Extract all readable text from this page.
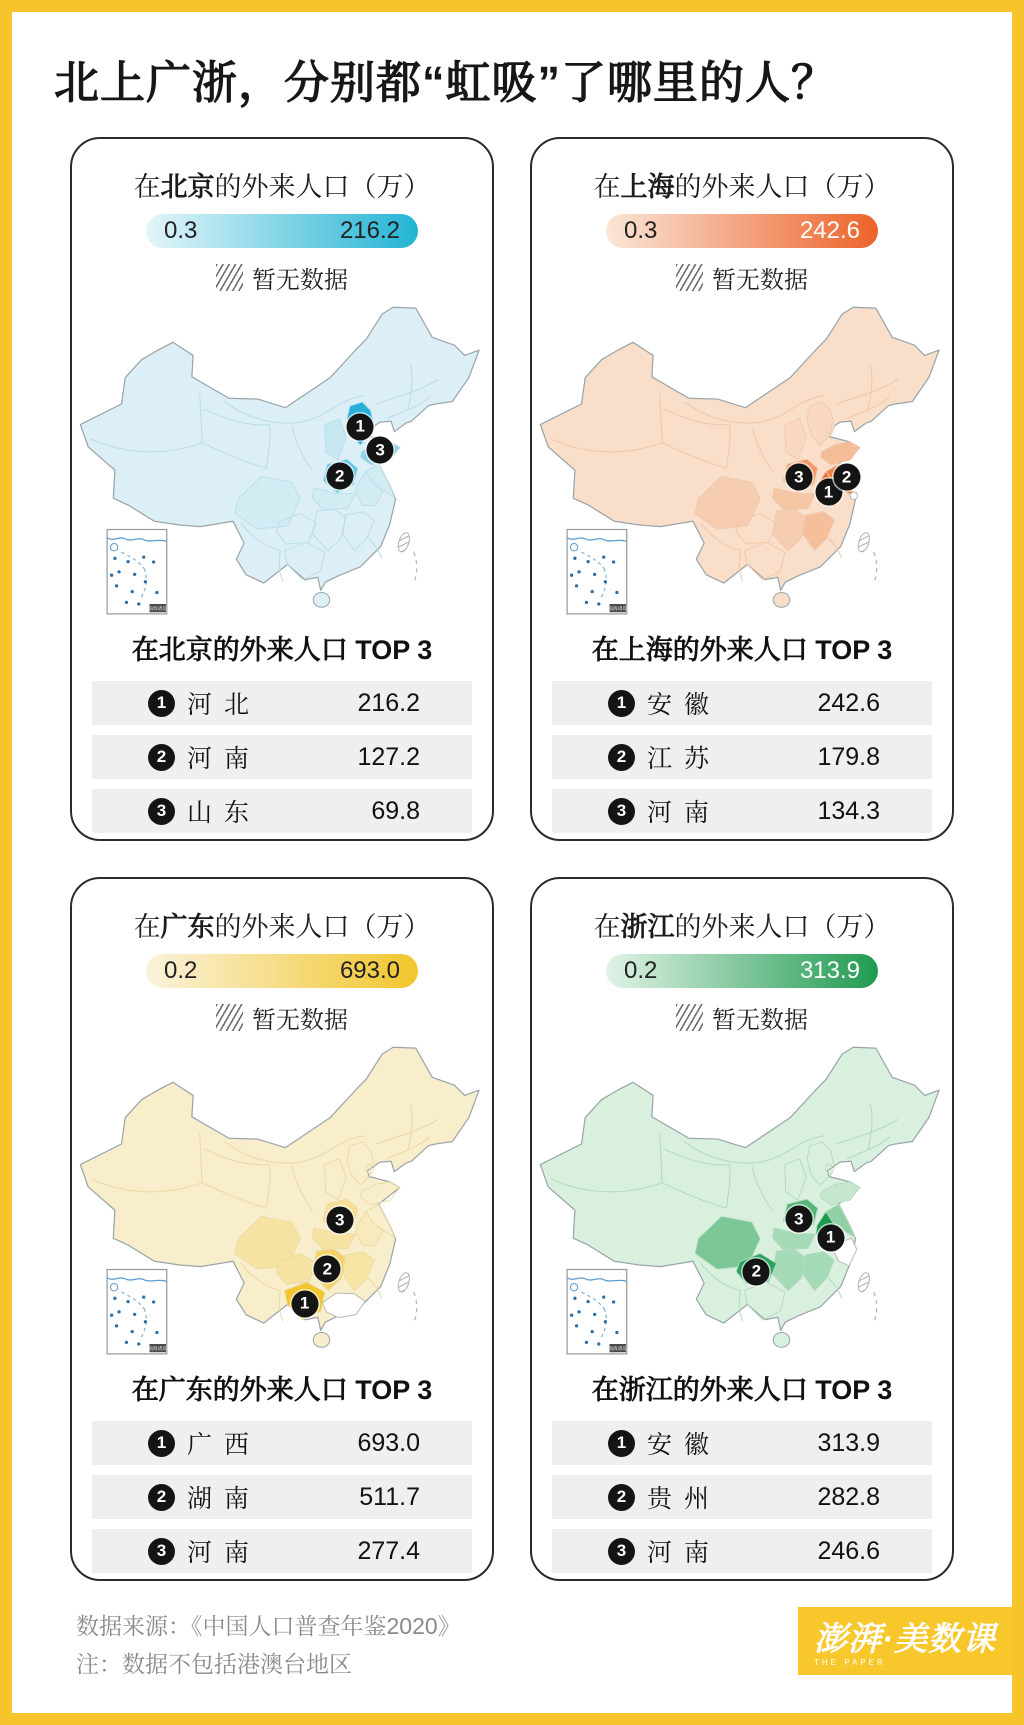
北上广浙，分别都“虹吸”了哪里的人？
在北京的外来人口（万）
0.3	216.2
暂无数据
1
2
3
南海诸岛
在北京的外来人口 TOP 3
1 河北	216.2
2 河南	127.2
3 山东	69.8
在上海的外来人口（万）
0.3	242.6
暂无数据
1
2
3
南海诸岛
在上海的外来人口 TOP 3
1 安徽	242.6
2 江苏	179.8
3 河南	134.3
在广东的外来人口（万）
0.2	693.0
暂无数据
1
2
3
南海诸岛
在广东的外来人口 TOP 3
1 广西	693.0
2 湖南	511.7
3 河南	277.4
在浙江的外来人口（万）
0.2	313.9
暂无数据
1
2
3
南海诸岛
在浙江的外来人口 TOP 3
1 安徽	313.9
2 贵州	282.8
3 河南	246.6

数据来源：《中国人口普查年鉴2020》

注：数据不包括港澳台地区

澎湃·美数课
THE PAPER
